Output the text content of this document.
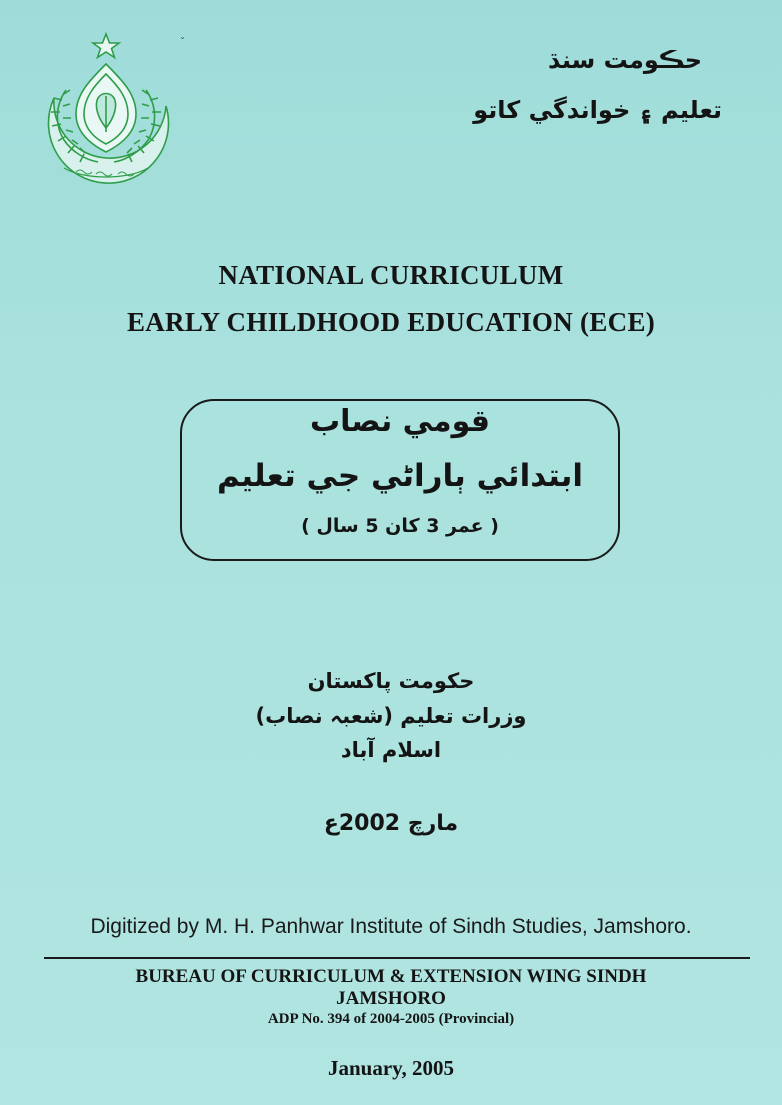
ˇ
حڪومت سنڌ
تعليم ۽ خواندگي کاتو
NATIONAL CURRICULUM
EARLY CHILDHOOD EDUCATION (ECE)
قومي نصاب
ابتدائي ٻاراڻي جي تعليم
( عمر 3 کان 5 سال )
حکومت پاکستان
وزرات تعليم (شعبہ نصاب)
اسلام آباد
مارچ 2002ع
Digitized by M. H. Panhwar Institute of Sindh Studies, Jamshoro.
BUREAU OF CURRICULUM & EXTENSION WING SINDH
JAMSHORO
ADP No. 394 of 2004-2005 (Provincial)
January, 2005
